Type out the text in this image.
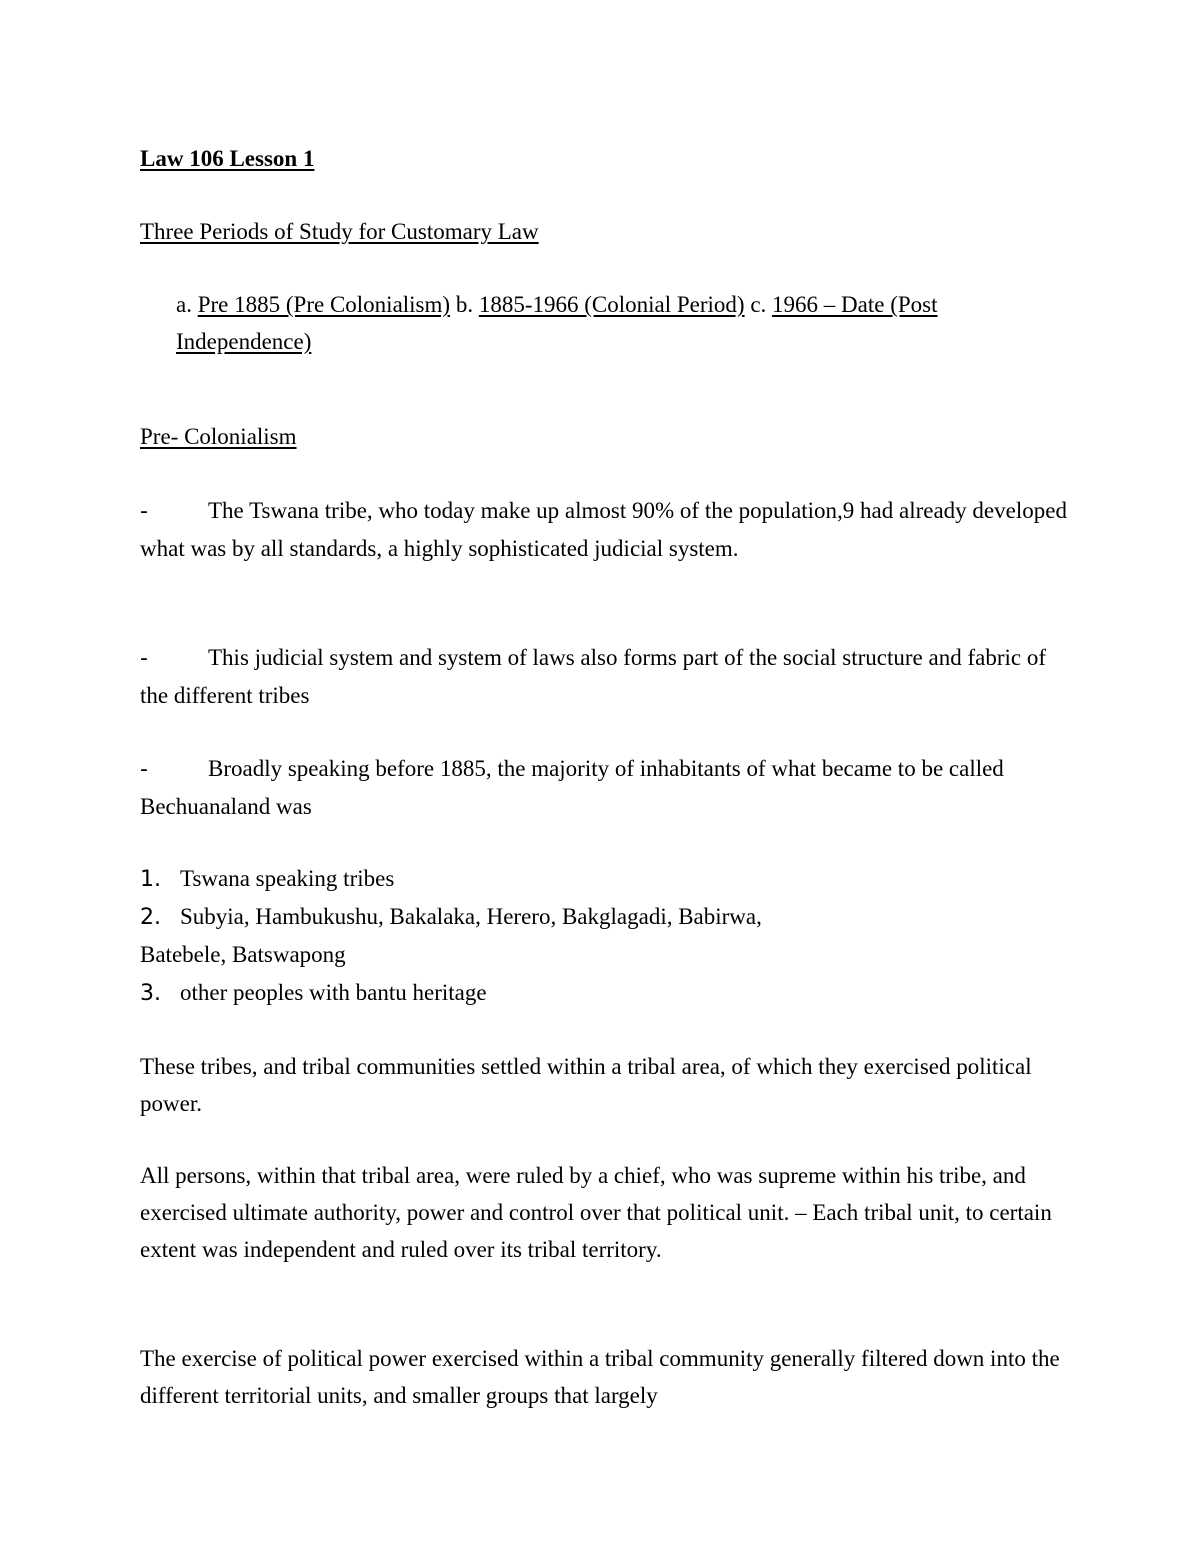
Law 106 Lesson 1

Three Periods of Study for Customary Law

a. Pre 1885 (Pre Colonialism) b. 1885-1966 (Colonial Period) c. 1966 – Date (Post Independence)

Pre- Colonialism

-	The Tswana tribe, who today make up almost 90% of the population,9 had already developed what was by all standards, a highly sophisticated judicial system.

-	This judicial system and system of laws also forms part of the social structure and fabric of the different tribes

-	Broadly speaking before 1885, the majority of inhabitants of what became to be called Bechuanaland was

1. Tswana speaking tribes

2. Subyia, Hambukushu, Bakalaka, Herero, Bakglagadi, Babirwa,
Batebele, Batswapong

3. other peoples with bantu heritage

These tribes, and tribal communities settled within a tribal area, of which they exercised political power.

All persons, within that tribal area, were ruled by a chief, who was supreme within his tribe, and exercised ultimate authority, power and control over that political unit. – Each tribal unit, to certain extent was independent and ruled over its tribal territory.

The exercise of political power exercised within a tribal community generally filtered down into the different territorial units, and smaller groups that largely
